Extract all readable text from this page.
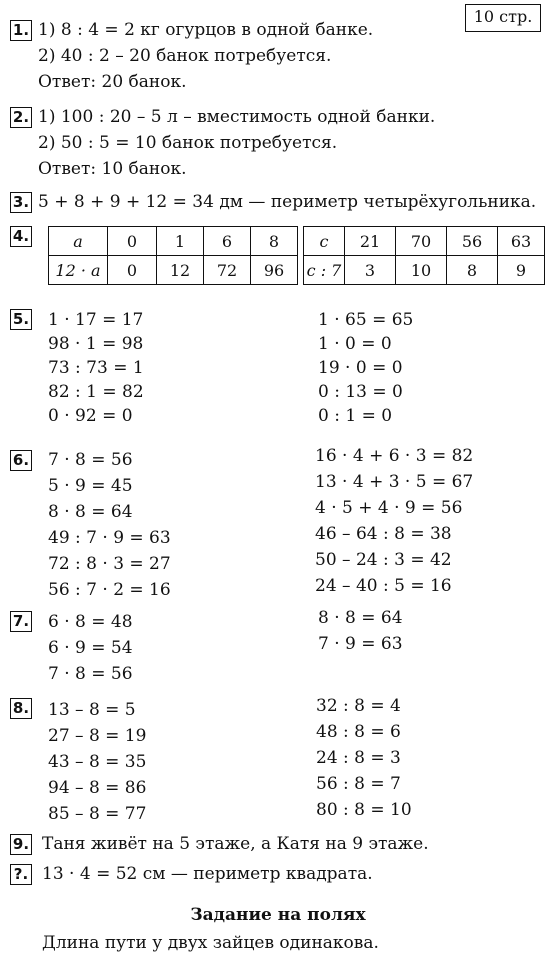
10 стр.
1. 1) 8 : 4 = 2 кг огурцов в одной банке.
2) 40 : 2 – 20 банок потребуется.
Ответ: 20 банок.
2. 1) 100 : 20 – 5 л – вместимость одной банки.
2) 50 : 5 = 10 банок потребуется.
Ответ: 10 банок.
3. 5 + 8 + 9 + 12 = 34 дм — периметр четырёхугольника.
4.	a	0	1	6	8
12 · a	0	12	72	96
c	21	70	56	63
c : 7	3	10	8	9
5. 1 · 17 = 17
98 · 1 = 98
73 : 73 = 1
82 : 1 = 82
0 · 92 = 0
1 · 65 = 65
1 · 0 = 0
19 · 0 = 0
0 : 13 = 0
0 : 1 = 0
6. 7 · 8 = 56
5 · 9 = 45
8 · 8 = 64
49 : 7 · 9 = 63
72 : 8 · 3 = 27
56 : 7 · 2 = 16
16 · 4 + 6 · 3 = 82
13 · 4 + 3 · 5 = 67
4 · 5 + 4 · 9 = 56
46 – 64 : 8 = 38
50 – 24 : 3 = 42
24 – 40 : 5 = 16
7. 6 · 8 = 48
6 · 9 = 54
7 · 8 = 56
8 · 8 = 64
7 · 9 = 63
8. 13 – 8 = 5
27 – 8 = 19
43 – 8 = 35
94 – 8 = 86
85 – 8 = 77
32 : 8 = 4
48 : 8 = 6
24 : 8 = 3
56 : 8 = 7
80 : 8 = 10
9. Таня живёт на 5 этаже, а Катя на 9 этаже.
?. 13 · 4 = 52 см — периметр квадрата.
Задание на полях
Длина пути у двух зайцев одинакова.
